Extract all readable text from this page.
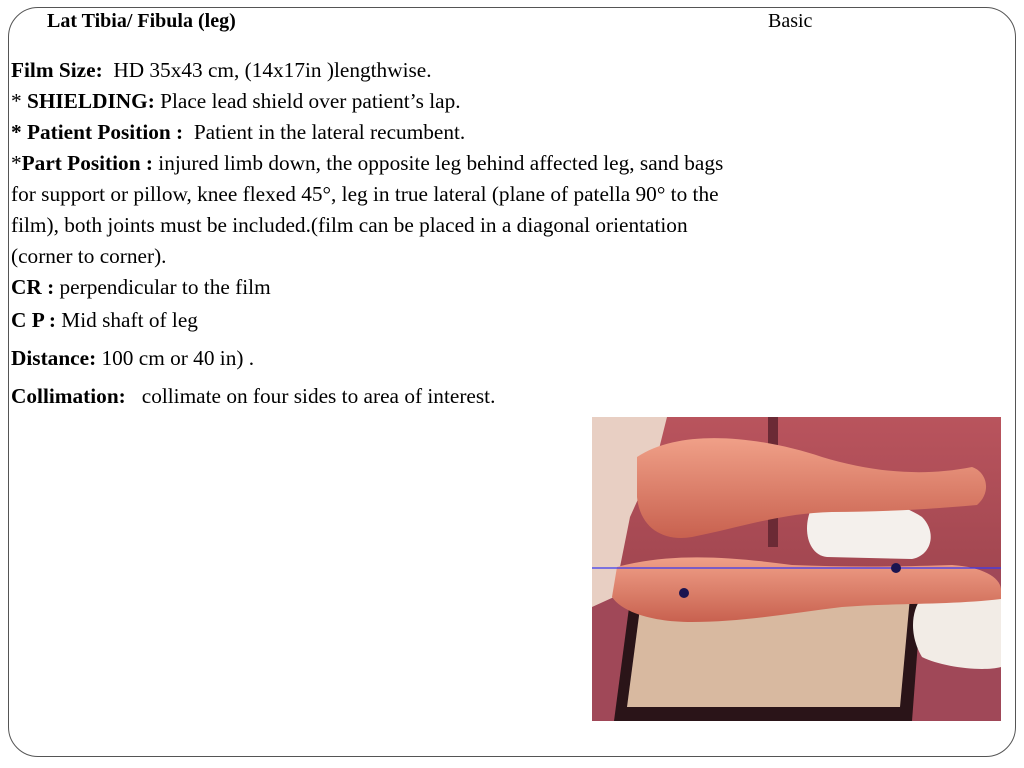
Lat Tibia/ Fibula (leg)	Basic

Film Size: HD 35x43 cm, (14x17in )lengthwise.

* SHIELDING: Place lead shield over patient’s lap.

* Patient Position : Patient in the lateral recumbent.

*Part Position : injured limb down, the opposite leg behind affected leg, sand bags for support or pillow, knee flexed 45°, leg in true lateral (plane of patella 90° to the film), both joints must be included.(film can be placed in a diagonal orientation (corner to corner).

CR : perpendicular to the film

C P : Mid shaft of leg

Distance: 100 cm or 40 in) .

Collimation: collimate on four sides to area of interest.
